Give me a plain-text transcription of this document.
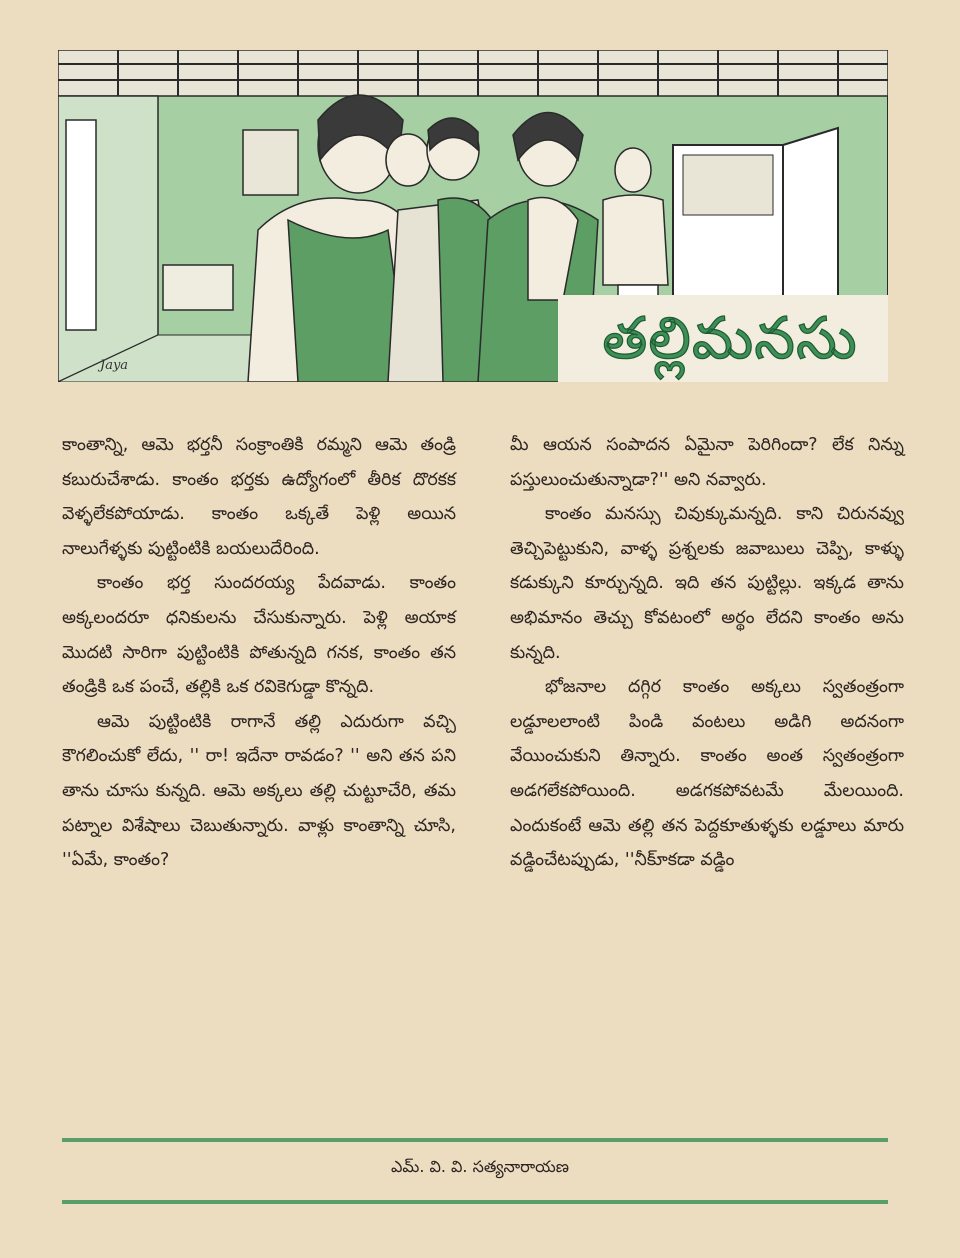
Jaya	తల్లిమనసు

కాంతాన్ని, ఆమె భర్తనీ సంక్రాంతికి రమ్మని ఆమె తండ్రి కబురుచేశాడు. కాంతం భర్తకు ఉద్యోగంలో తీరిక దొరకక వెళ్ళలేకపోయాడు. కాంతం ఒక్కతే పెళ్లి అయిన నాలుగేళ్ళకు పుట్టింటికి బయలుదేరింది.

కాంతం భర్త సుందరయ్య పేదవాడు. కాంతం అక్కలందరూ ధనికులను చేసుకున్నారు. పెళ్లి అయాక మొదటి సారిగా పుట్టింటికి పోతున్నది గనక, కాంతం తన తండ్రికి ఒక పంచే, తల్లికి ఒక రవికెగుడ్డా కొన్నది.

ఆమె పుట్టింటికి రాగానే తల్లి ఎదురుగా వచ్చి కౌగలించుకో లేదు, '' రా! ఇదేనా రావడం? '' అని తన పని తాను చూసు కున్నది. ఆమె అక్కలు తల్లి చుట్టూచేరి, తమ పట్నాల విశేషాలు చెబుతున్నారు. వాళ్లు కాంతాన్ని చూసి, ''ఏమే, కాంతం?

మీ ఆయన సంపాదన ఏమైనా పెరిగిందా? లేక నిన్ను పస్తులుంచుతున్నాడా?'' అని నవ్వారు.

కాంతం మనస్సు చివుక్కుమన్నది. కాని చిరునవ్వు తెచ్చిపెట్టుకుని, వాళ్ళ ప్రశ్నలకు జవాబులు చెప్పి, కాళ్ళు కడుక్కుని కూర్చున్నది. ఇది తన పుట్టిల్లు. ఇక్కడ తాను అభిమానం తెచ్చు కోవటంలో అర్థం లేదని కాంతం అను కున్నది.

భోజనాల దగ్గిర కాంతం అక్కలు స్వతంత్రంగా లడ్డూలలాంటి పిండి వంటలు అడిగి అదనంగా వేయించుకుని తిన్నారు. కాంతం అంత స్వతంత్రంగా అడగలేకపోయింది. అడగకపోవటమే మేలయింది. ఎందుకంటే ఆమె తల్లి తన పెద్దకూతుళ్ళకు లడ్డూలు మారు వడ్డించేటప్పుడు, ''నీకూ్కడా వడ్డిం

ఎమ్. వి. వి. సత్యనారాయణ
